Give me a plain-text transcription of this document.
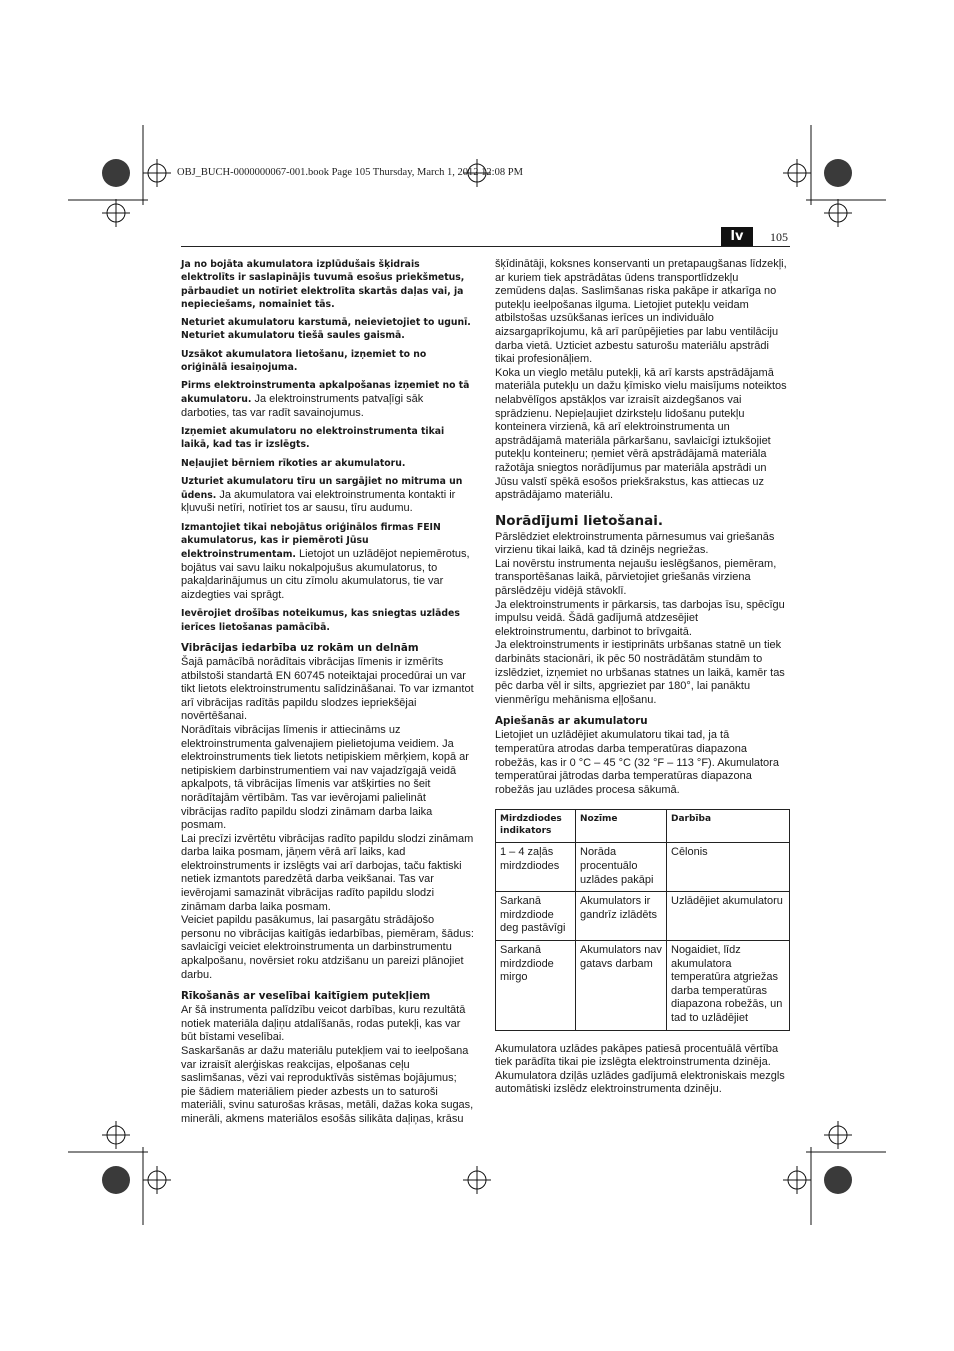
OBJ_BUCH-0000000067-001.book Page 105 Thursday, March 1, 2012 12:08 PM
lv	105

Ja no bojāta akumulatora izplūdušais šķidrais elektrolīts ir saslapinājis tuvumā esošus priekšmetus, pārbaudiet un notīriet elektrolīta skartās daļas vai, ja nepieciešams, nomainiet tās.

Neturiet akumulatoru karstumā, neievietojiet to ugunī. Neturiet akumulatoru tiešā saules gaismā.

Uzsākot akumulatora lietošanu, izņemiet to no oriģinālā iesaiņojuma.

Pirms elektroinstrumenta apkalpošanas izņemiet no tā akumulatoru. Ja elektroinstruments patvaļīgi sāk darboties, tas var radīt savainojumus.

Izņemiet akumulatoru no elektroinstrumenta tikai laikā, kad tas ir izslēgts.

Neļaujiet bērniem rīkoties ar akumulatoru.

Uzturiet akumulatoru tīru un sargājiet no mitruma un ūdens. Ja akumulatora vai elektroinstrumenta kontakti ir kļuvuši netīri, notīriet tos ar sausu, tīru audumu.

Izmantojiet tikai nebojātus oriģinālos firmas FEIN akumulatorus, kas ir piemēroti Jūsu elektroinstrumentam. Lietojot un uzlādējot nepiemērotus, bojātus vai savu laiku nokalpojušus akumulatorus, to pakaļdarinājumus un citu zīmolu akumulatorus, tie var aizdegties vai sprāgt.

Ievērojiet drošības noteikumus, kas sniegtas uzlādes ierīces lietošanas pamācībā.

Vibrācijas iedarbība uz rokām un delnām

Šajā pamācībā norādītais vibrācijas līmenis ir izmērīts atbilstoši standartā EN 60745 noteiktajai procedūrai un var tikt lietots elektroinstrumentu salīdzināšanai. To var izmantot arī vibrācijas radītās papildu slodzes iepriekšējai novērtēšanai.

Norādītais vibrācijas līmenis ir attiecināms uz elektroinstrumenta galvenajiem pielietojuma veidiem. Ja elektroinstruments tiek lietots netipiskiem mērķiem, kopā ar netipiskiem darbinstrumentiem vai nav vajadzīgajā veidā apkalpots, tā vibrācijas līmenis var atšķirties no šeit norādītajām vērtībām. Tas var ievērojami palielināt vibrācijas radīto papildu slodzi zināmam darba laika posmam.

Lai precīzi izvērtētu vibrācijas radīto papildu slodzi zināmam darba laika posmam, jāņem vērā arī laiks, kad elektroinstruments ir izslēgts vai arī darbojas, taču faktiski netiek izmantots paredzētā darba veikšanai. Tas var ievērojami samazināt vibrācijas radīto papildu slodzi zināmam darba laika posmam.

Veiciet papildu pasākumus, lai pasargātu strādājošo personu no vibrācijas kaitīgās iedarbības, piemēram, šādus: savlaicīgi veiciet elektroinstrumenta un darbinstrumentu apkalpošanu, novērsiet roku atdzišanu un pareizi plānojiet darbu.

Rīkošanās ar veselībai kaitīgiem putekļiem

Ar šā instrumenta palīdzību veicot darbības, kuru rezultātā notiek materiāla daļiņu atdalīšanās, rodas putekļi, kas var būt bīstami veselībai.

Saskaršanās ar dažu materiālu putekļiem vai to ieelpošana var izraisīt alerģiskas reakcijas, elpošanas ceļu saslimšanas, vēzi vai reproduktīvās sistēmas bojājumus; pie šādiem materiāliem pieder azbests un to saturoši materiāli, svinu saturošas krāsas, metāli, dažas koka sugas, minerāli, akmens materiālos esošās silikāta daļiņas, krāsu

šķīdinātāji, koksnes konservanti un pretapaugšanas līdzekļi, ar kuriem tiek apstrādātas ūdens transportlīdzekļu zemūdens daļas. Saslimšanas riska pakāpe ir atkarīga no putekļu ieelpošanas ilguma. Lietojiet putekļu veidam atbilstošas uzsūkšanas ierīces un individuālo aizsargaprīkojumu, kā arī parūpējieties par labu ventilāciju darba vietā. Uzticiet azbestu saturošu materiālu apstrādi tikai profesionāļiem.

Koka un vieglo metālu putekļi, kā arī karsts apstrādājamā materiāla putekļu un dažu ķīmisko vielu maisījums noteiktos nelabvēlīgos apstākļos var izraisīt aizdegšanos vai sprādzienu. Nepieļaujiet dzirksteļu lidošanu putekļu konteinera virzienā, kā arī elektroinstrumenta un apstrādājamā materiāla pārkaršanu, savlaicīgi iztukšojiet putekļu konteineru; ņemiet vērā apstrādājamā materiāla ražotāja sniegtos norādījumus par materiāla apstrādi un Jūsu valstī spēkā esošos priekšrakstus, kas attiecas uz apstrādājamo materiālu.

Norādījumi lietošanai.

Pārslēdziet elektroinstrumenta pārnesumus vai griešanās virzienu tikai laikā, kad tā dzinējs negriežas.

Lai novērstu instrumenta nejaušu ieslēgšanos, piemēram, transportēšanas laikā, pārvietojiet griešanās virziena pārslēdzēju vidējā stāvoklī.

Ja elektroinstruments ir pārkarsis, tas darbojas īsu, spēcīgu impulsu veidā. Šādā gadījumā atdzesējiet elektroinstrumentu, darbinot to brīvgaitā.

Ja elektroinstruments ir iestiprināts urbšanas statnē un tiek darbināts stacionāri, ik pēc 50 nostrādātām stundām to izslēdziet, izņemiet no urbšanas statnes un laikā, kamēr tas pēc darba vēl ir silts, apgrieziet par 180°, lai panāktu vienmērīgu mehānisma eļļošanu.

Apiešanās ar akumulatoru

Lietojiet un uzlādējiet akumulatoru tikai tad, ja tā temperatūra atrodas darba temperatūras diapazona robežās, kas ir 0 °C – 45 °C (32 °F – 113 °F). Akumulatora temperatūrai jātrodas darba temperatūras diapazona robežās jau uzlādes procesa sākumā.

Mirdzdiodes indikators	Nozīme	Darbība
1 – 4 zaļās mirdzdiodes	Norāda procentuālo uzlādes pakāpi	Cēlonis
Sarkanā mirdzdiode deg pastāvīgi	Akumulators ir gandrīz izlādēts	Uzlādējiet akumulatoru
Sarkanā mirdzdiode mirgo	Akumulators nav gatavs darbam	Nogaidiet, līdz akumulatora temperatūra atgriežas darba temperatūras diapazona robežās, un tad to uzlādējiet

Akumulatora uzlādes pakāpes patiesā procentuālā vērtība tiek parādīta tikai pie izslēgta elektroinstrumenta dzinēja.

Akumulatora dziļās uzlādes gadījumā elektroniskais mezgls automātiski izslēdz elektroinstrumenta dzinēju.
